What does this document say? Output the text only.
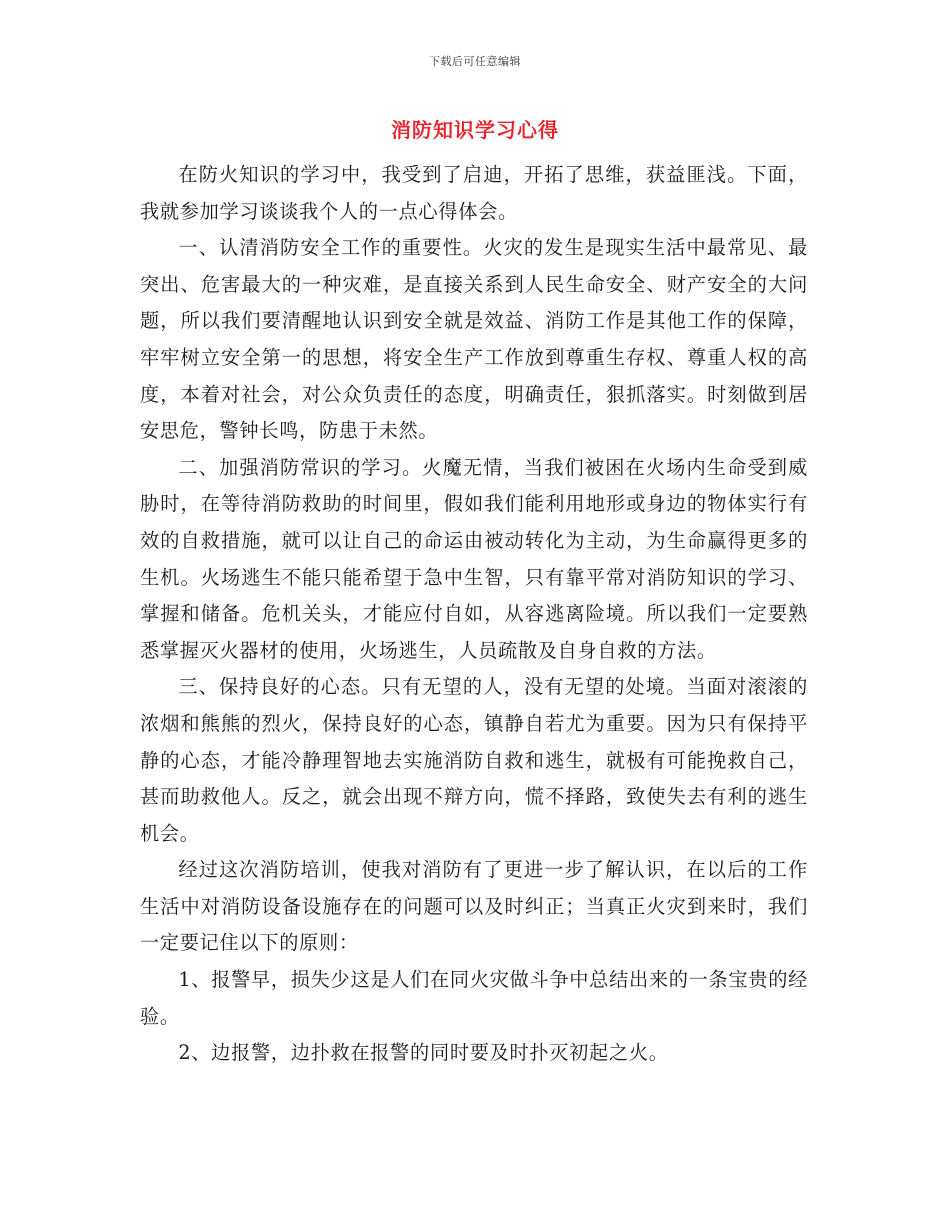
下载后可任意编辑
消防知识学习心得

在防火知识的学习中，我受到了启迪，开拓了思维，获益匪浅。下面，我就参加学习谈谈我个人的一点心得体会。

一、认清消防安全工作的重要性。火灾的发生是现实生活中最常见、最突出、危害最大的一种灾难，是直接关系到人民生命安全、财产安全的大问题，所以我们要清醒地认识到安全就是效益、消防工作是其他工作的保障，牢牢树立安全第一的思想，将安全生产工作放到尊重生存权、尊重人权的高度，本着对社会，对公众负责任的态度，明确责任，狠抓落实。时刻做到居安思危，警钟长鸣，防患于未然。

二、加强消防常识的学习。火魔无情，当我们被困在火场内生命受到威胁时，在等待消防救助的时间里，假如我们能利用地形或身边的物体实行有效的自救措施，就可以让自己的命运由被动转化为主动，为生命赢得更多的生机。火场逃生不能只能希望于急中生智，只有靠平常对消防知识的学习、掌握和储备。危机关头，才能应付自如，从容逃离险境。所以我们一定要熟悉掌握灭火器材的使用，火场逃生，人员疏散及自身自救的方法。

三、保持良好的心态。只有无望的人，没有无望的处境。当面对滚滚的浓烟和熊熊的烈火，保持良好的心态，镇静自若尤为重要。因为只有保持平静的心态，才能冷静理智地去实施消防自救和逃生，就极有可能挽救自己，甚而助救他人。反之，就会出现不辩方向，慌不择路，致使失去有利的逃生机会。

经过这次消防培训，使我对消防有了更进一步了解认识，在以后的工作生活中对消防设备设施存在的问题可以及时纠正；当真正火灾到来时，我们一定要记住以下的原则：

1、报警早，损失少这是人们在同火灾做斗争中总结出来的一条宝贵的经验。

2、边报警，边扑救在报警的同时要及时扑灭初起之火。
